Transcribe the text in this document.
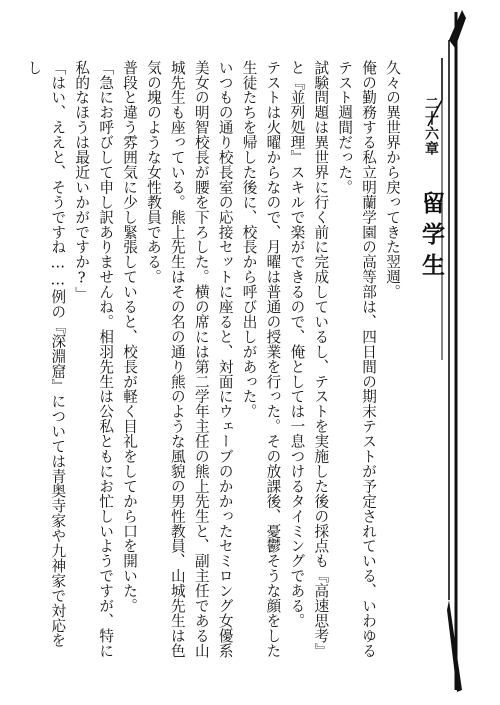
二十六章 留学生

久々の異世界から戻ってきた翌週。

俺の勤務する私立明蘭学園の高等部は、四日間の期末テストが予定されている、いわゆるテスト週間だった。

試験問題は異世界に行く前に完成しているし、テストを実施した後の採点も『高速思考』と『並列処理』スキルで楽ができるので、俺としては一息つけるタイミングである。

テストは火曜からなので、月曜は普通の授業を行った。その放課後、憂鬱そうな顔をした生徒たちを帰した後に、校長から呼び出しがあった。

いつもの通り校長室の応接セットに座ると、対面にウェーブのかかったセミロング女優系美女の明智校長が腰を下ろした。横の席には第二学年主任の熊上先生と、副主任である山城先生も座っている。熊上先生はその名の通り熊のような風貌の男性教員、山城先生は色気の塊のような女性教員である。

普段と違う雰囲気に少し緊張していると、校長が軽く目礼をしてから口を開いた。

「急にお呼びして申し訳ありませんね。相羽先生は公私ともにお忙しいようですが、特に私的なほうは最近いかがですか?」

「はい、ええと、そうですね……例の『深淵窟』については青奥寺家や九神家で対応をし
